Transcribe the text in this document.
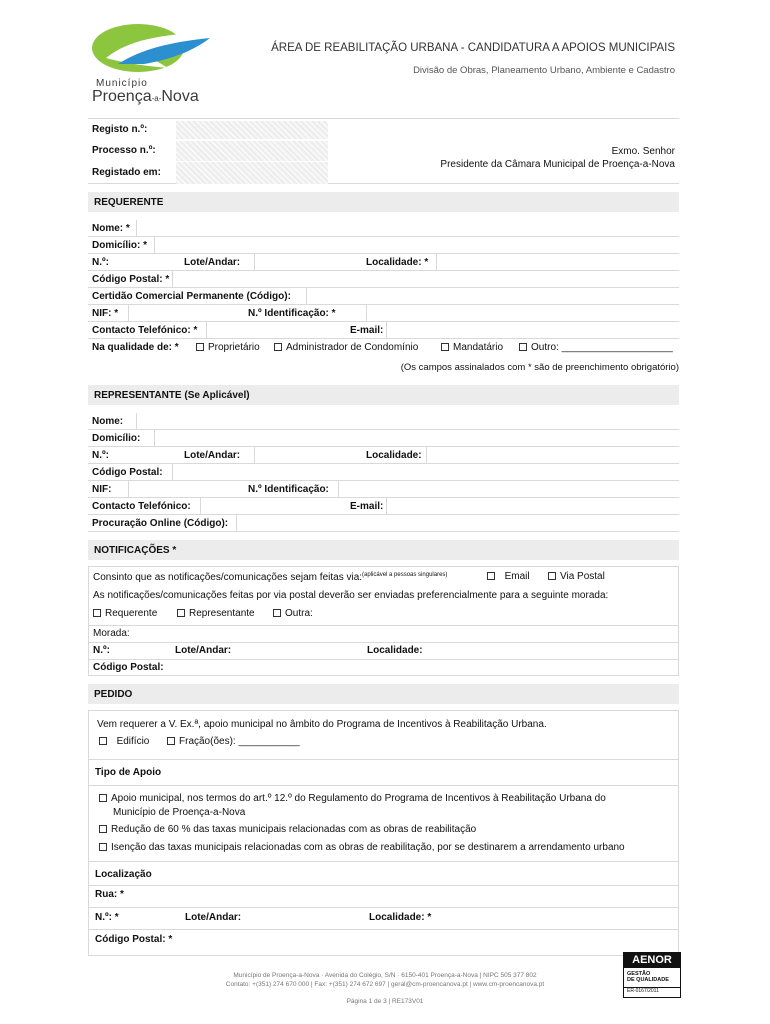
Município
Proença-a-Nova
ÁREA DE REABILITAÇÃO URBANA - CANDIDATURA A APOIOS MUNICIPAIS
Divisão de Obras, Planeamento Urbano, Ambiente e Cadastro
Registo n.º:
Processo n.º:
Registado em:
Exmo. Senhor
Presidente da Câmara Municipal de Proença-a-Nova
REQUERENTE
Nome: *
Domicílio: *
N.º:	Lote/Andar:	Localidade: *
Código Postal: *
Certidão Comercial Permanente (Código):
NIF: *	N.º Identificação: *
Contacto Telefónico: *	E-mail:
Na qualidade de: *	Proprietário	Administrador de Condomínio	Mandatário	Outro: ____________________
(Os campos assinalados com * são de preenchimento obrigatório)
REPRESENTANTE (Se Aplicável)
Nome:
Domicílio:
N.º:	Lote/Andar:	Localidade:
Código Postal:
NIF:	N.º Identificação:
Contacto Telefónico:	E-mail:
Procuração Online (Código):
NOTIFICAÇÕES *
Consinto que as notificações/comunicações sejam feitas via:$^{(aplicável a pessoas singulares)}$	Email	Via Postal
As notificações/comunicações feitas por via postal deverão ser enviadas preferencialmente para a seguinte morada:
Requerente	Representante	Outra:
Morada:
N.º:	Lote/Andar:	Localidade:
Código Postal:
PEDIDO
Vem requerer a V. Ex.ª, apoio municipal no âmbito do Programa de Incentivos à Reabilitação Urbana.
Edifício	Fração(ões): ___________
Tipo de Apoio
Apoio municipal, nos termos do art.º 12.º do Regulamento do Programa de Incentivos à Reabilitação Urbana do
Município de Proença-a-Nova
Redução de 60 % das taxas municipais relacionadas com as obras de reabilitação
Isenção das taxas municipais relacionadas com as obras de reabilitação, por se destinarem a arrendamento urbano
Localização
Rua: *
N.º: *	Lote/Andar:	Localidade: *
Código Postal: *
AENOR
GESTÃO
DE QUALIDADE
ER-0167/2011
Município de Proença-a-Nova · Avenida do Colégio, S/N · 6150-401 Proença-a-Nova | NIPC 505 377 802
Contato: +(351) 274 670 000 | Fax: +(351) 274 672 697 | geral@cm-proencanova.pt | www.cm-proencanova.pt
Página 1 de 3 | RE173V01
